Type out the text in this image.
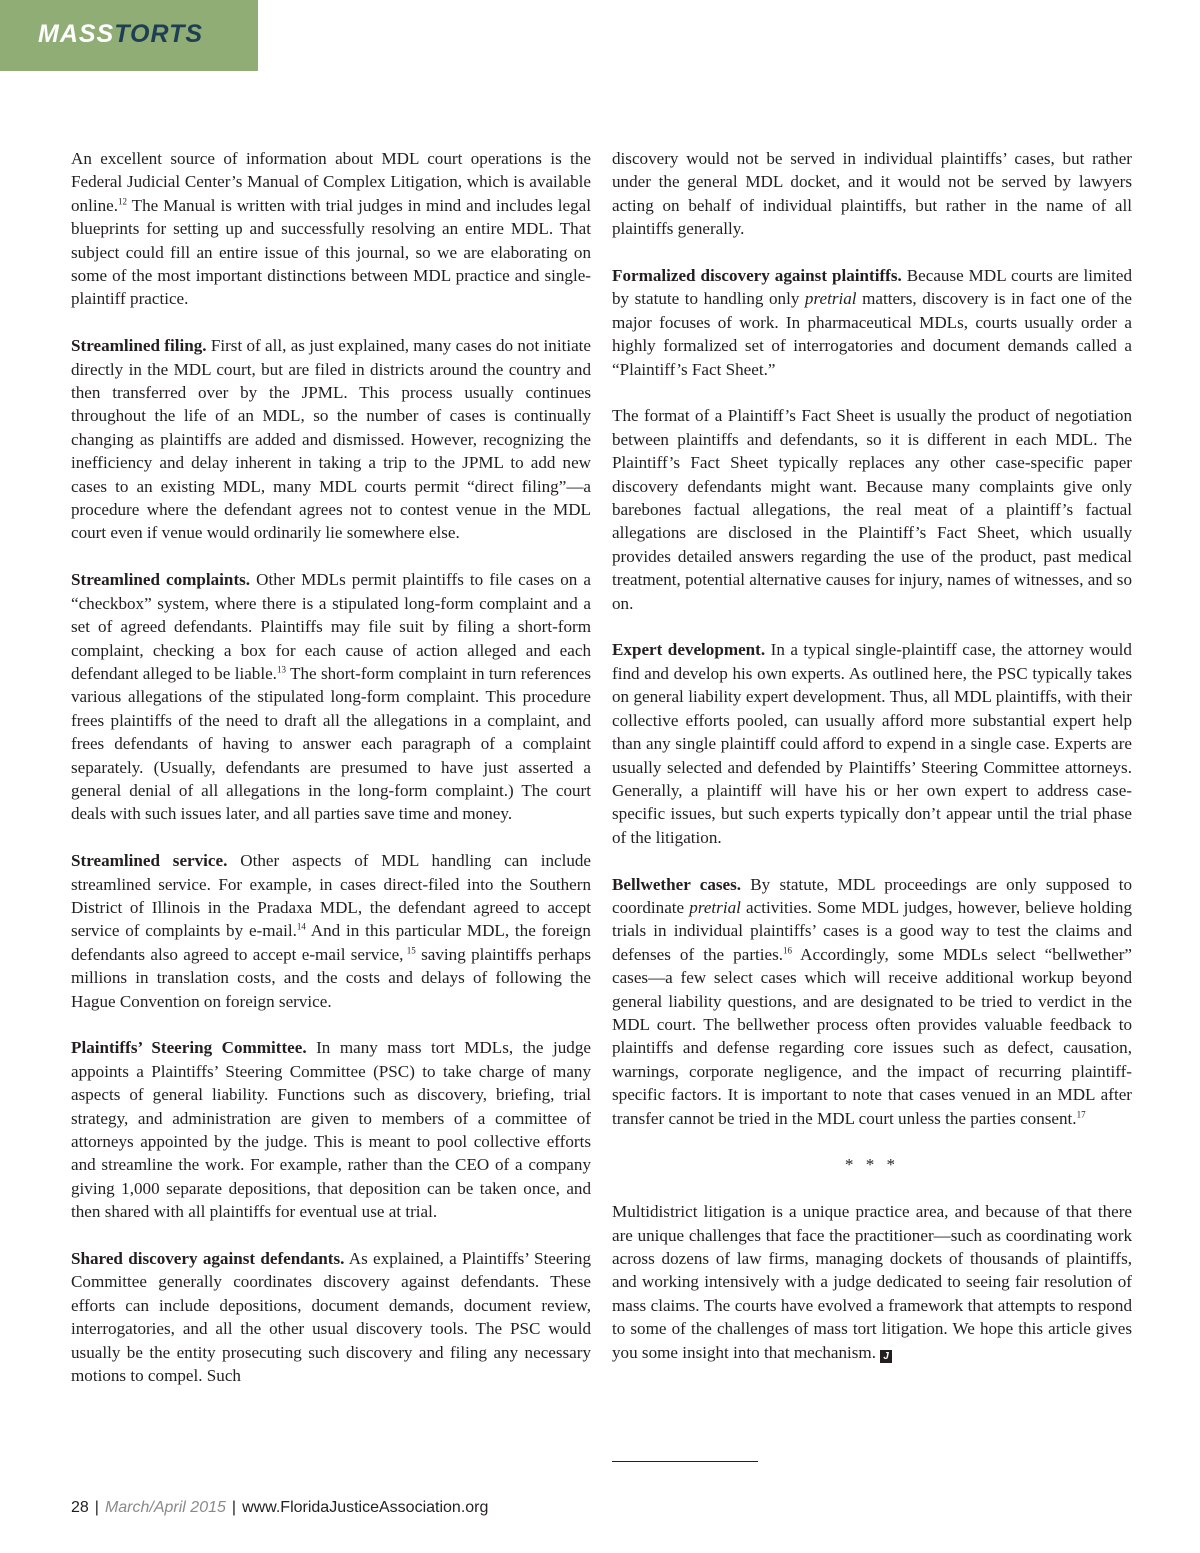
MASSTORTS

An excellent source of information about MDL court operations is the Federal Judicial Center’s Manual of Complex Litigation, which is available online.$^{12}$ The Manual is written with trial judges in mind and includes legal blueprints for setting up and successfully resolving an entire MDL. That subject could fill an entire issue of this journal, so we are elaborating on some of the most important distinctions between MDL practice and single-plaintiff practice.

Streamlined filing. First of all, as just explained, many cases do not initiate directly in the MDL court, but are filed in districts around the country and then transferred over by the JPML. This process usually continues throughout the life of an MDL, so the number of cases is continually changing as plaintiffs are added and dismissed. However, recognizing the inefficiency and delay inherent in taking a trip to the JPML to add new cases to an existing MDL, many MDL courts permit “direct filing”—a procedure where the defendant agrees not to contest venue in the MDL court even if venue would ordinarily lie somewhere else.

Streamlined complaints. Other MDLs permit plaintiffs to file cases on a “checkbox” system, where there is a stipulated long-form complaint and a set of agreed defendants. Plaintiffs may file suit by filing a short-form complaint, checking a box for each cause of action alleged and each defendant alleged to be liable.$^{13}$ The short-form complaint in turn references various allegations of the stipulated long-form complaint. This procedure frees plaintiffs of the need to draft all the allegations in a complaint, and frees defendants of having to answer each paragraph of a complaint separately. (Usually, defendants are presumed to have just asserted a general denial of all allegations in the long-form complaint.) The court deals with such issues later, and all parties save time and money.

Streamlined service. Other aspects of MDL handling can include streamlined service. For example, in cases direct-filed into the Southern District of Illinois in the Pradaxa MDL, the defendant agreed to accept service of complaints by e-mail.$^{14}$ And in this particular MDL, the foreign defendants also agreed to accept e-mail service, $^{15}$ saving plaintiffs perhaps millions in translation costs, and the costs and delays of following the Hague Convention on foreign service.

Plaintiffs’ Steering Committee. In many mass tort MDLs, the judge appoints a Plaintiffs’ Steering Committee (PSC) to take charge of many aspects of general liability. Functions such as discovery, briefing, trial strategy, and administration are given to members of a committee of attorneys appointed by the judge. This is meant to pool collective efforts and streamline the work. For example, rather than the CEO of a company giving 1,000 separate depositions, that deposition can be taken once, and then shared with all plaintiffs for eventual use at trial.

Shared discovery against defendants. As explained, a Plaintiffs’ Steering Committee generally coordinates discovery against defendants. These efforts can include depositions, document demands, document review, interrogatories, and all the other usual discovery tools. The PSC would usually be the entity prosecuting such discovery and filing any necessary motions to compel. Such

discovery would not be served in individual plaintiffs’ cases, but rather under the general MDL docket, and it would not be served by lawyers acting on behalf of individual plaintiffs, but rather in the name of all plaintiffs generally.

Formalized discovery against plaintiffs. Because MDL courts are limited by statute to handling only pretrial matters, discovery is in fact one of the major focuses of work. In pharmaceutical MDLs, courts usually order a highly formalized set of interrogatories and document demands called a “Plaintiff’s Fact Sheet.”

The format of a Plaintiff’s Fact Sheet is usually the product of negotiation between plaintiffs and defendants, so it is different in each MDL. The Plaintiff’s Fact Sheet typically replaces any other case-specific paper discovery defendants might want. Because many complaints give only barebones factual allegations, the real meat of a plaintiff’s factual allegations are disclosed in the Plaintiff’s Fact Sheet, which usually provides detailed answers regarding the use of the product, past medical treatment, potential alternative causes for injury, names of witnesses, and so on.

Expert development. In a typical single-plaintiff case, the attorney would find and develop his own experts. As outlined here, the PSC typically takes on general liability expert development. Thus, all MDL plaintiffs, with their collective efforts pooled, can usually afford more substantial expert help than any single plaintiff could afford to expend in a single case. Experts are usually selected and defended by Plaintiffs’ Steering Committee attorneys. Generally, a plaintiff will have his or her own expert to address case-specific issues, but such experts typically don’t appear until the trial phase of the litigation.

Bellwether cases. By statute, MDL proceedings are only supposed to coordinate pretrial activities. Some MDL judges, however, believe holding trials in individual plaintiffs’ cases is a good way to test the claims and defenses of the parties.$^{16}$ Accordingly, some MDLs select “bellwether” cases—a few select cases which will receive additional workup beyond general liability questions, and are designated to be tried to verdict in the MDL court. The bellwether process often provides valuable feedback to plaintiffs and defense regarding core issues such as defect, causation, warnings, corporate negligence, and the impact of recurring plaintiff-specific factors. It is important to note that cases venued in an MDL after transfer cannot be tried in the MDL court unless the parties consent.$^{17}$

* * *

Multidistrict litigation is a unique practice area, and because of that there are unique challenges that face the practitioner—such as coordinating work across dozens of law firms, managing dockets of thousands of plaintiffs, and working intensively with a judge dedicated to seeing fair resolution of mass claims. The courts have evolved a framework that attempts to respond to some of the challenges of mass tort litigation. We hope this article gives you some insight into that mechanism. J

28 | March/April 2015 | www.FloridaJusticeAssociation.org
